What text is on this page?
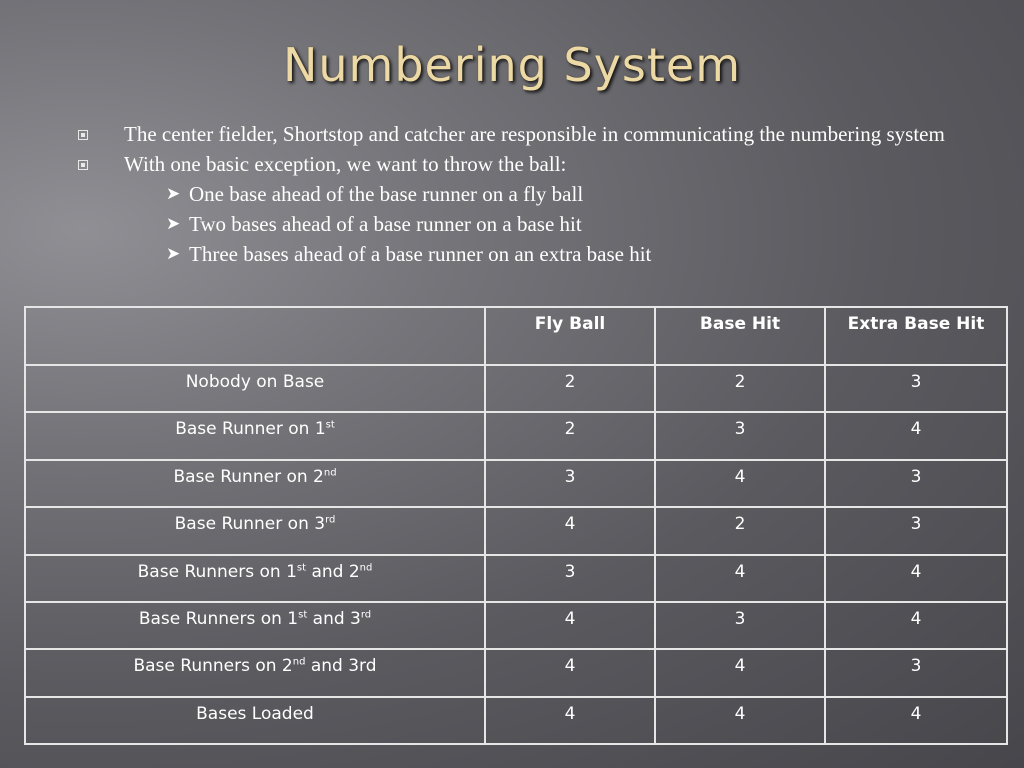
Numbering System
The center fielder, Shortstop and catcher are responsible in communicating the numbering system
With one basic exception, we want to throw the ball:
➤ One base ahead of the base runner on a fly ball
➤ Two bases ahead of a base runner on a base hit
➤ Three bases ahead of a base runner on an extra base hit
	Fly Ball	Base Hit	Extra Base Hit
Nobody on Base	2	2	3
Base Runner on 1st	2	3	4
Base Runner on 2nd	3	4	3
Base Runner on 3rd	4	2	3
Base Runners on 1st and 2nd	3	4	4
Base Runners on 1st and 3rd	4	3	4
Base Runners on 2nd and 3rd	4	4	3
Bases Loaded	4	4	4
